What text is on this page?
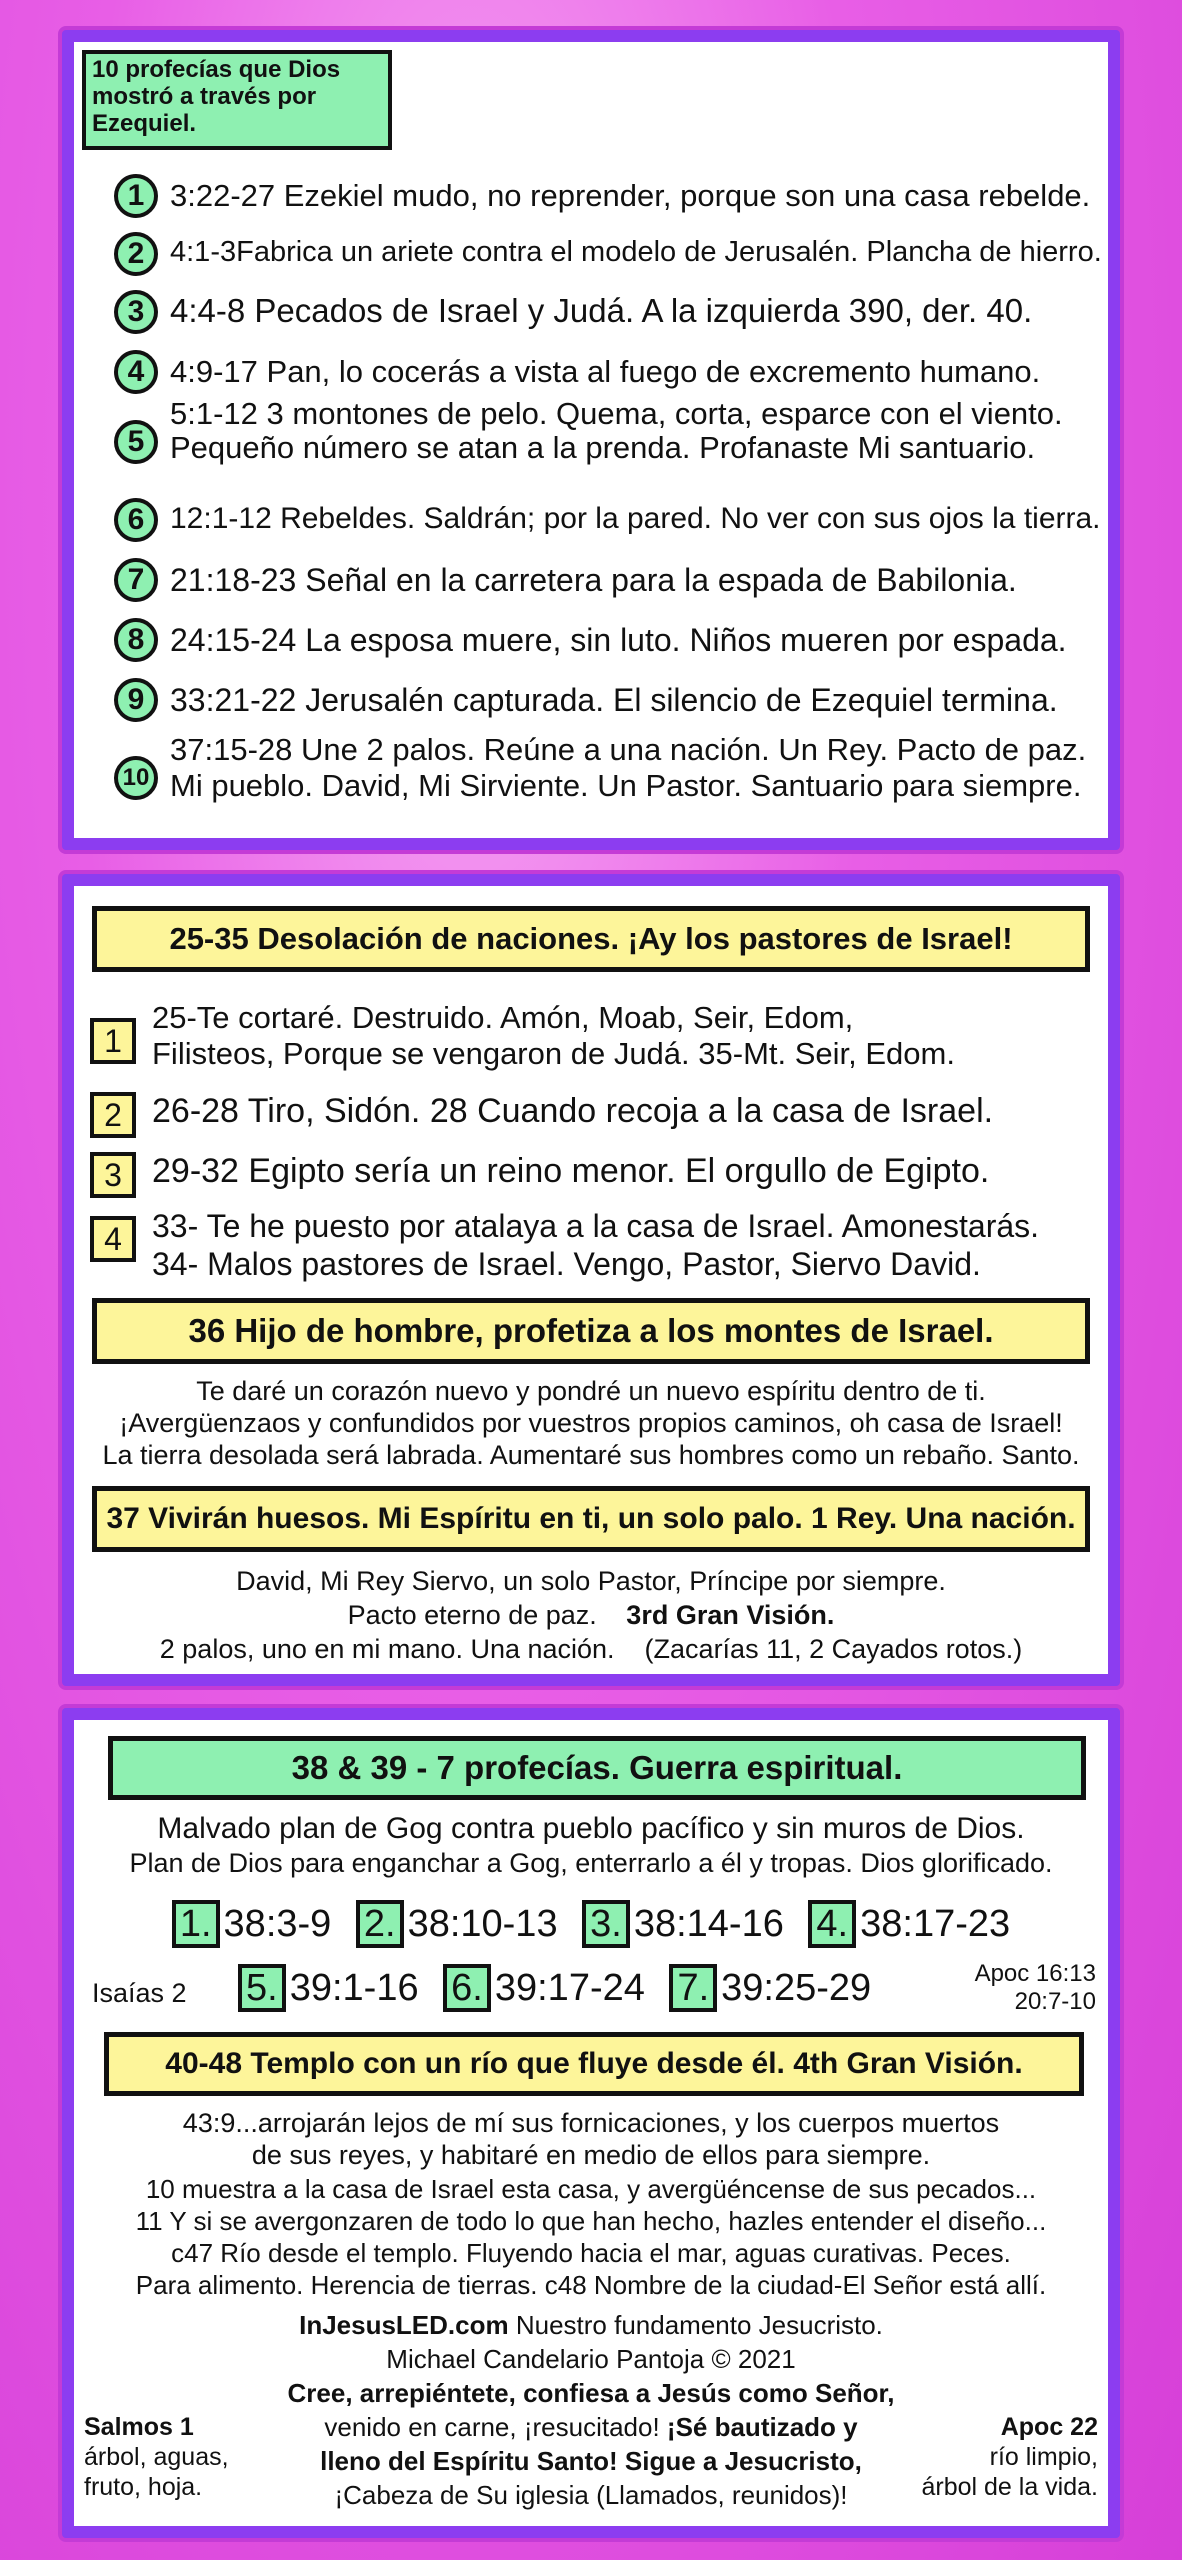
10 profecías que Dios mostró a través por Ezequiel.
1 3:22-27 Ezekiel mudo, no reprender, porque son una casa rebelde.
2 4:1-3Fabrica un ariete contra el modelo de Jerusalén. Plancha de hierro.
3 4:4-8 Pecados de Israel y Judá. A la izquierda 390, der. 40.
4 4:9-17 Pan, lo cocerás a vista al fuego de excremento humano.
5
5:1-12 3 montones de pelo. Quema, corta, esparce con el viento.
Pequeño número se atan a la prenda. Profanaste Mi santuario.
6 12:1-12 Rebeldes. Saldrán; por la pared. No ver con sus ojos la tierra.
7 21:18-23 Señal en la carretera para la espada de Babilonia.
8 24:15-24 La esposa muere, sin luto. Niños mueren por espada.
9 33:21-22 Jerusalén capturada. El silencio de Ezequiel termina.
10
37:15-28 Une 2 palos. Reúne a una nación. Un Rey. Pacto de paz.
Mi pueblo. David, Mi Sirviente. Un Pastor. Santuario para siempre.
25-35 Desolación de naciones. ¡Ay los pastores de Israel!
1
25-Te cortaré. Destruido. Amón, Moab, Seir, Edom,
Filisteos, Porque se vengaron de Judá. 35-Mt. Seir, Edom.
2 26-28 Tiro, Sidón. 28 Cuando recoja a la casa de Israel.
3 29-32 Egipto sería un reino menor. El orgullo de Egipto.
4 33- Te he puesto por atalaya a la casa de Israel. Amonestarás.
34- Malos pastores de Israel. Vengo, Pastor, Siervo David.
36 Hijo de hombre, profetiza a los montes de Israel.
Te daré un corazón nuevo y pondré un nuevo espíritu dentro de ti.
¡Avergüenzaos y confundidos por vuestros propios caminos, oh casa de Israel!
La tierra desolada será labrada. Aumentaré sus hombres como un rebaño. Santo.
37 Vivirán huesos. Mi Espíritu en ti, un solo palo. 1 Rey. Una nación.
David, Mi Rey Siervo, un solo Pastor, Príncipe por siempre.
Pacto eterno de paz. 3rd Gran Visión.
2 palos, uno en mi mano. Una nación.    (Zacarías 11, 2 Cayados rotos.)
38 & 39 - 7 profecías. Guerra espiritual.
Malvado plan de Gog contra pueblo pacífico y sin muros de Dios.
Plan de Dios para enganchar a Gog, enterrarlo a él y tropas. Dios glorificado.
1. 38:3-9 2. 38:10-13 3. 38:14-16 4. 38:17-23
Isaías 2 5. 39:1-16 6. 39:17-24 7. 39:25-29	Apoc 16:13
20:7-10
40-48 Templo con un río que fluye desde él. 4th Gran Visión.
43:9...arrojarán lejos de mí sus fornicaciones, y los cuerpos muertos
de sus reyes, y habitaré en medio de ellos para siempre.
10 muestra a la casa de Israel esta casa, y avergüéncense de sus pecados...
11 Y si se avergonzaren de todo lo que han hecho, hazles entender el diseño...
c47 Río desde el templo. Fluyendo hacia el mar, aguas curativas. Peces.
Para alimento. Herencia de tierras. c48 Nombre de la ciudad-El Señor está allí.
InJesusLED.com Nuestro fundamento Jesucristo.
Michael Candelario Pantoja © 2021
Cree, arrepiéntete, confiesa a Jesús como Señor,
venido en carne, ¡resucitado! ¡Sé bautizado y
lleno del Espíritu Santo! Sigue a Jesucristo,
¡Cabeza de Su iglesia (Llamados, reunidos)!
Salmos 1
árbol, aguas,
fruto, hoja.
Apoc 22
río limpio,
árbol de la vida.
